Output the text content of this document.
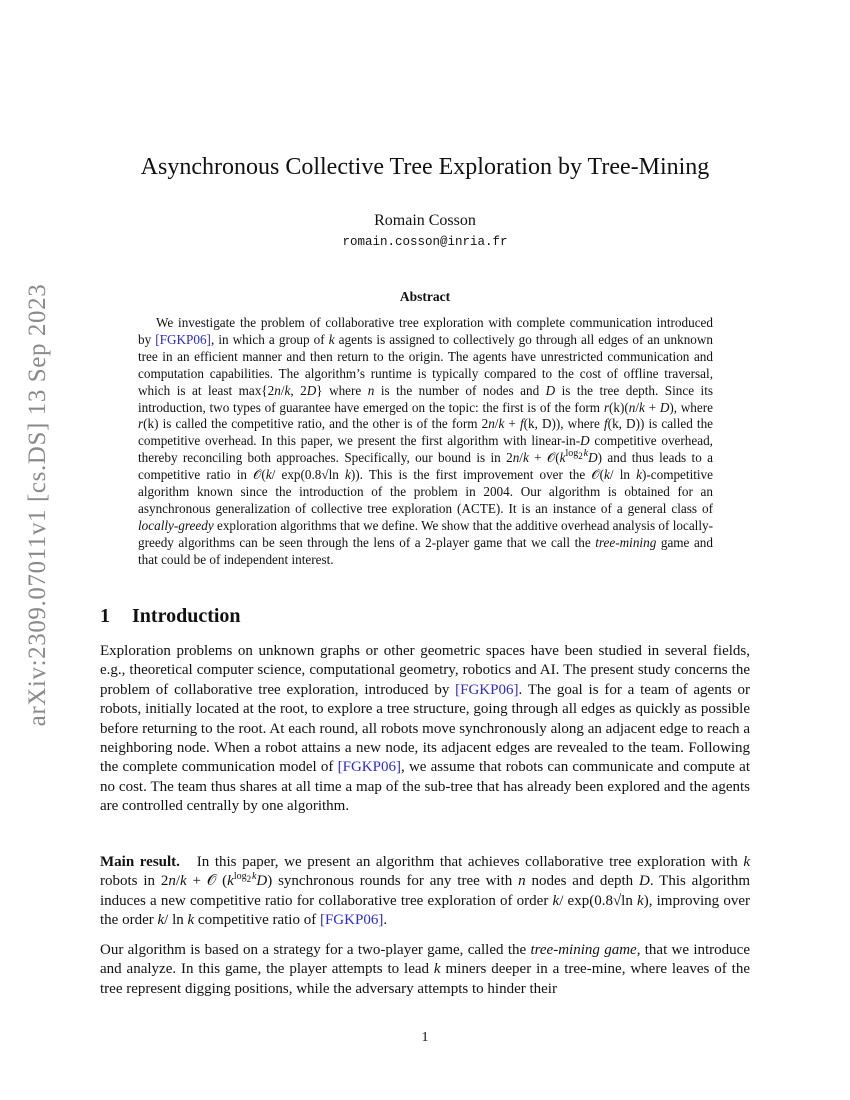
arXiv:2309.07011v1 [cs.DS] 13 Sep 2023
Asynchronous Collective Tree Exploration by Tree-Mining
Romain Cosson
romain.cosson@inria.fr
Abstract

We investigate the problem of collaborative tree exploration with complete communication introduced by [FGKP06], in which a group of k agents is assigned to collectively go through all edges of an unknown tree in an efficient manner and then return to the origin. The agents have unrestricted communication and computation capabilities. The algorithm’s runtime is typically compared to the cost of offline traversal, which is at least max{2n/k, 2D} where n is the number of nodes and D is the tree depth. Since its introduction, two types of guarantee have emerged on the topic: the first is of the form r(k)(n/k + D), where r(k) is called the competitive ratio, and the other is of the form 2n/k + f(k, D)), where f(k, D)) is called the competitive overhead. In this paper, we present the first algorithm with linear-in-D competitive overhead, thereby reconciling both approaches. Specifically, our bound is in $2n/k + 𝒪(k^{log_2 k}D)$ and thus leads to a competitive ratio in 𝒪(k/ exp(0.8√ln k)). This is the first improvement over the 𝒪(k/ ln k)-competitive algorithm known since the introduction of the problem in 2004. Our algorithm is obtained for an asynchronous generalization of collective tree exploration (ACTE). It is an instance of a general class of locally-greedy exploration algorithms that we define. We show that the additive overhead analysis of locally-greedy algorithms can be seen through the lens of a 2-player game that we call the tree-mining game and that could be of independent interest.

1 Introduction

Exploration problems on unknown graphs or other geometric spaces have been studied in several fields, e.g., theoretical computer science, computational geometry, robotics and AI. The present study concerns the problem of collaborative tree exploration, introduced by [FGKP06]. The goal is for a team of agents or robots, initially located at the root, to explore a tree structure, going through all edges as quickly as possible before returning to the root. At each round, all robots move synchronously along an adjacent edge to reach a neighboring node. When a robot attains a new node, its adjacent edges are revealed to the team. Following the complete communication model of [FGKP06], we assume that robots can communicate and compute at no cost. The team thus shares at all time a map of the sub-tree that has already been explored and the agents are controlled centrally by one algorithm.

Main result. In this paper, we present an algorithm that achieves collaborative tree exploration with k robots in 2n/k + 𝒪 $(k^{log_2 k}D)$ synchronous rounds for any tree with n nodes and depth D. This algorithm induces a new competitive ratio for collaborative tree exploration of order k/ exp(0.8√ln k), improving over the order k/ ln k competitive ratio of [FGKP06].

Our algorithm is based on a strategy for a two-player game, called the tree-mining game, that we introduce and analyze. In this game, the player attempts to lead k miners deeper in a tree-mine, where leaves of the tree represent digging positions, while the adversary attempts to hinder their

1
